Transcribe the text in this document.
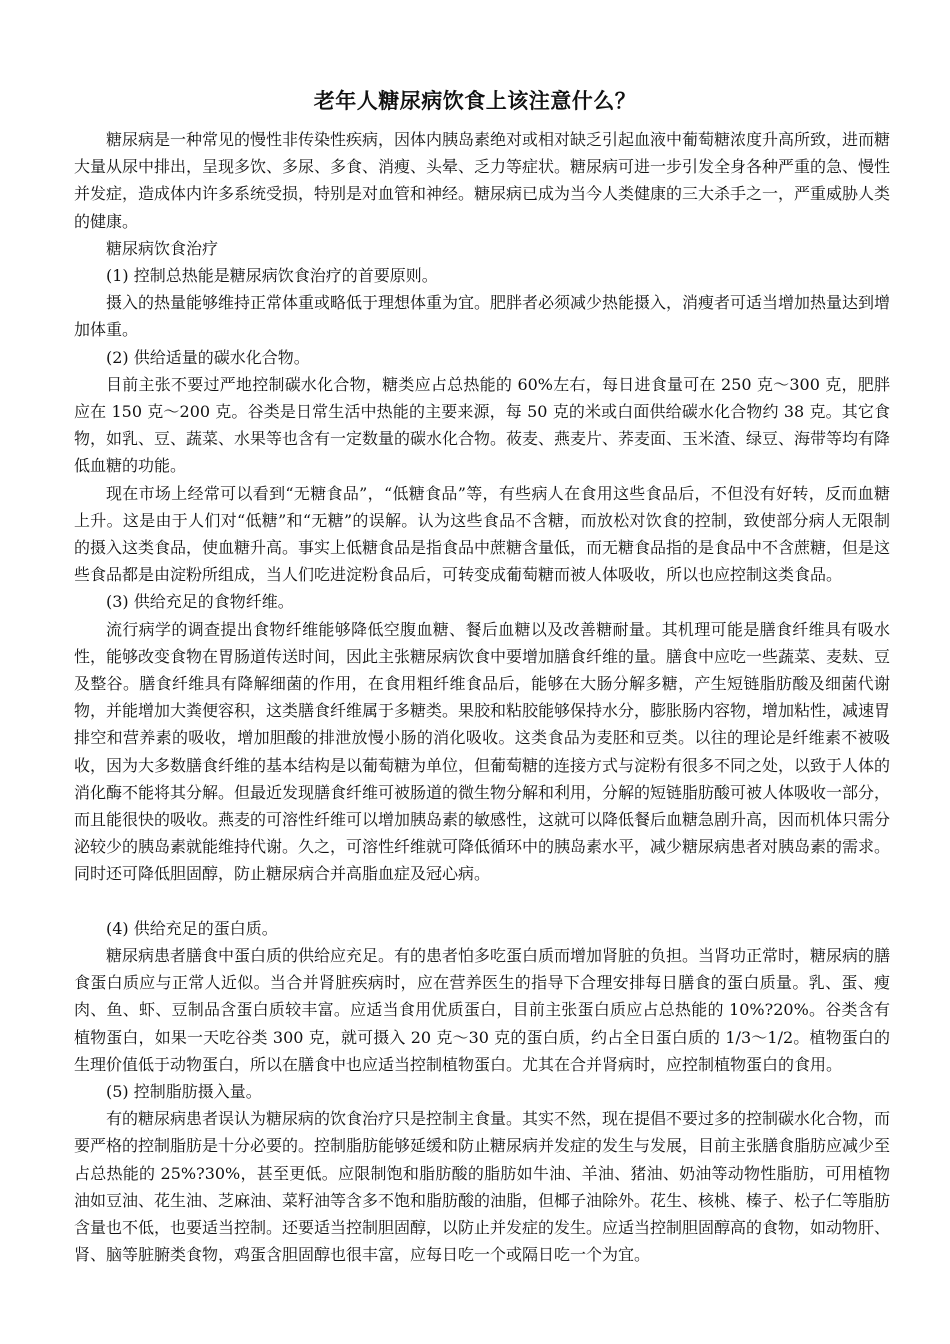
老年人糖尿病饮食上该注意什么？

糖尿病是一种常见的慢性非传染性疾病，因体内胰岛素绝对或相对缺乏引起血液中葡萄糖浓度升高所致，进而糖大量从尿中排出，呈现多饮、多尿、多食、消瘦、头晕、乏力等症状。糖尿病可进一步引发全身各种严重的急、慢性并发症，造成体内许多系统受损，特别是对血管和神经。糖尿病已成为当今人类健康的三大杀手之一，严重威胁人类的健康。

糖尿病饮食治疗

(1) 控制总热能是糖尿病饮食治疗的首要原则。

摄入的热量能够维持正常体重或略低于理想体重为宜。肥胖者必须减少热能摄入，消瘦者可适当增加热量达到增加体重。

(2) 供给适量的碳水化合物。

目前主张不要过严地控制碳水化合物，糖类应占总热能的 60%左右，每日进食量可在 250 克～300 克，肥胖应在 150 克～200 克。谷类是日常生活中热能的主要来源，每 50 克的米或白面供给碳水化合物约 38 克。其它食物，如乳、豆、蔬菜、水果等也含有一定数量的碳水化合物。莜麦、燕麦片、荞麦面、玉米渣、绿豆、海带等均有降低血糖的功能。

现在市场上经常可以看到“无糖食品”，“低糖食品”等，有些病人在食用这些食品后，不但没有好转，反而血糖上升。这是由于人们对“低糖”和“无糖”的误解。认为这些食品不含糖，而放松对饮食的控制，致使部分病人无限制的摄入这类食品，使血糖升高。事实上低糖食品是指食品中蔗糖含量低，而无糖食品指的是食品中不含蔗糖，但是这些食品都是由淀粉所组成，当人们吃进淀粉食品后，可转变成葡萄糖而被人体吸收，所以也应控制这类食品。

(3) 供给充足的食物纤维。

流行病学的调查提出食物纤维能够降低空腹血糖、餐后血糖以及改善糖耐量。其机理可能是膳食纤维具有吸水性，能够改变食物在胃肠道传送时间，因此主张糖尿病饮食中要增加膳食纤维的量。膳食中应吃一些蔬菜、麦麸、豆及整谷。膳食纤维具有降解细菌的作用，在食用粗纤维食品后，能够在大肠分解多糖，产生短链脂肪酸及细菌代谢物，并能增加大粪便容积，这类膳食纤维属于多糖类。果胶和粘胶能够保持水分，膨胀肠内容物，增加粘性，减速胃排空和营养素的吸收，增加胆酸的排泄放慢小肠的消化吸收。这类食品为麦胚和豆类。以往的理论是纤维素不被吸收，因为大多数膳食纤维的基本结构是以葡萄糖为单位，但葡萄糖的连接方式与淀粉有很多不同之处，以致于人体的消化酶不能将其分解。但最近发现膳食纤维可被肠道的微生物分解和利用，分解的短链脂肪酸可被人体吸收一部分，而且能很快的吸收。燕麦的可溶性纤维可以增加胰岛素的敏感性，这就可以降低餐后血糖急剧升高，因而机体只需分泌较少的胰岛素就能维持代谢。久之，可溶性纤维就可降低循环中的胰岛素水平，减少糖尿病患者对胰岛素的需求。同时还可降低胆固醇，防止糖尿病合并高脂血症及冠心病。

(4) 供给充足的蛋白质。

糖尿病患者膳食中蛋白质的供给应充足。有的患者怕多吃蛋白质而增加肾脏的负担。当肾功正常时，糖尿病的膳食蛋白质应与正常人近似。当合并肾脏疾病时，应在营养医生的指导下合理安排每日膳食的蛋白质量。乳、蛋、瘦肉、鱼、虾、豆制品含蛋白质较丰富。应适当食用优质蛋白，目前主张蛋白质应占总热能的 10%?20%。谷类含有植物蛋白，如果一天吃谷类 300 克，就可摄入 20 克～30 克的蛋白质，约占全日蛋白质的 1/3～1/2。植物蛋白的生理价值低于动物蛋白，所以在膳食中也应适当控制植物蛋白。尤其在合并肾病时，应控制植物蛋白的食用。

(5) 控制脂肪摄入量。

有的糖尿病患者误认为糖尿病的饮食治疗只是控制主食量。其实不然，现在提倡不要过多的控制碳水化合物，而要严格的控制脂肪是十分必要的。控制脂肪能够延缓和防止糖尿病并发症的发生与发展，目前主张膳食脂肪应减少至占总热能的 25%?30%，甚至更低。应限制饱和脂肪酸的脂肪如牛油、羊油、猪油、奶油等动物性脂肪，可用植物油如豆油、花生油、芝麻油、菜籽油等含多不饱和脂肪酸的油脂，但椰子油除外。花生、核桃、榛子、松子仁等脂肪含量也不低，也要适当控制。还要适当控制胆固醇，以防止并发症的发生。应适当控制胆固醇高的食物，如动物肝、肾、脑等脏腑类食物，鸡蛋含胆固醇也很丰富，应每日吃一个或隔日吃一个为宜。
